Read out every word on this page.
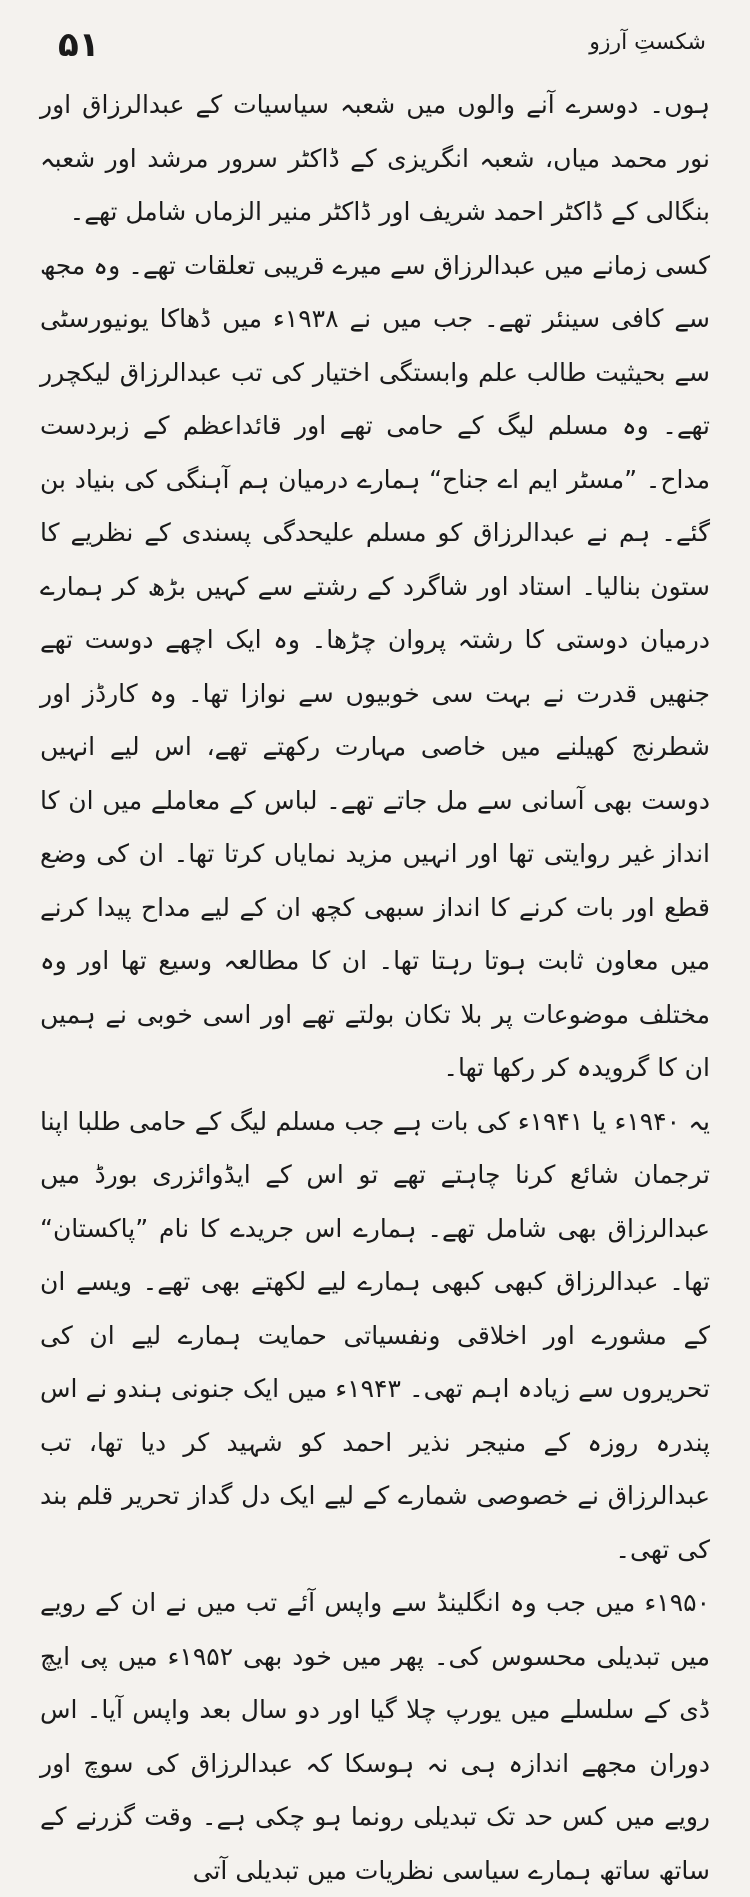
۵۱	شکستِ آرزو

ہوں۔ دوسرے آنے والوں میں شعبہ سیاسیات کے عبدالرزاق اور نور محمد میاں، شعبہ انگریزی کے ڈاکٹر سرور مرشد اور شعبہ بنگالی کے ڈاکٹر احمد شریف اور ڈاکٹر منیر الزماں شامل تھے۔

کسی زمانے میں عبدالرزاق سے میرے قریبی تعلقات تھے۔ وہ مجھ سے کافی سینئر تھے۔ جب میں نے ۱۹۳۸ء میں ڈھاکا یونیورسٹی سے بحیثیت طالب علم وابستگی اختیار کی تب عبدالرزاق لیکچرر تھے۔ وہ مسلم لیگ کے حامی تھے اور قائداعظم کے زبردست مداح۔ ”مسٹر ایم اے جناح“ ہمارے درمیان ہم آہنگی کی بنیاد بن گئے۔ ہم نے عبدالرزاق کو مسلم علیحدگی پسندی کے نظریے کا ستون بنالیا۔ استاد اور شاگرد کے رشتے سے کہیں بڑھ کر ہمارے درمیان دوستی کا رشتہ پروان چڑھا۔ وہ ایک اچھے دوست تھے جنھیں قدرت نے بہت سی خوبیوں سے نوازا تھا۔ وہ کارڈز اور شطرنج کھیلنے میں خاصی مہارت رکھتے تھے، اس لیے انہیں دوست بھی آسانی سے مل جاتے تھے۔ لباس کے معاملے میں ان کا انداز غیر روایتی تھا اور انہیں مزید نمایاں کرتا تھا۔ ان کی وضع قطع اور بات کرنے کا انداز سبھی کچھ ان کے لیے مداح پیدا کرنے میں معاون ثابت ہوتا رہتا تھا۔ ان کا مطالعہ وسیع تھا اور وہ مختلف موضوعات پر بلا تکان بولتے تھے اور اسی خوبی نے ہمیں ان کا گرویدہ کر رکھا تھا۔

یہ ۱۹۴۰ء یا ۱۹۴۱ء کی بات ہے جب مسلم لیگ کے حامی طلبا اپنا ترجمان شائع کرنا چاہتے تھے تو اس کے ایڈوائزری بورڈ میں عبدالرزاق بھی شامل تھے۔ ہمارے اس جریدے کا نام ”پاکستان“ تھا۔ عبدالرزاق کبھی کبھی ہمارے لیے لکھتے بھی تھے۔ ویسے ان کے مشورے اور اخلاقی ونفسیاتی حمایت ہمارے لیے ان کی تحریروں سے زیادہ اہم تھی۔ ۱۹۴۳ء میں ایک جنونی ہندو نے اس پندرہ روزہ کے منیجر نذیر احمد کو شہید کر دیا تھا، تب عبدالرزاق نے خصوصی شمارے کے لیے ایک دل گداز تحریر قلم بند کی تھی۔

۱۹۵۰ء میں جب وہ انگلینڈ سے واپس آئے تب میں نے ان کے رویے میں تبدیلی محسوس کی۔ پھر میں خود بھی ۱۹۵۲ء میں پی ایچ ڈی کے سلسلے میں یورپ چلا گیا اور دو سال بعد واپس آیا۔ اس دوران مجھے اندازہ ہی نہ ہوسکا کہ عبدالرزاق کی سوچ اور رویے میں کس حد تک تبدیلی رونما ہو چکی ہے۔ وقت گزرنے کے ساتھ ساتھ ہمارے سیاسی نظریات میں تبدیلی آتی
